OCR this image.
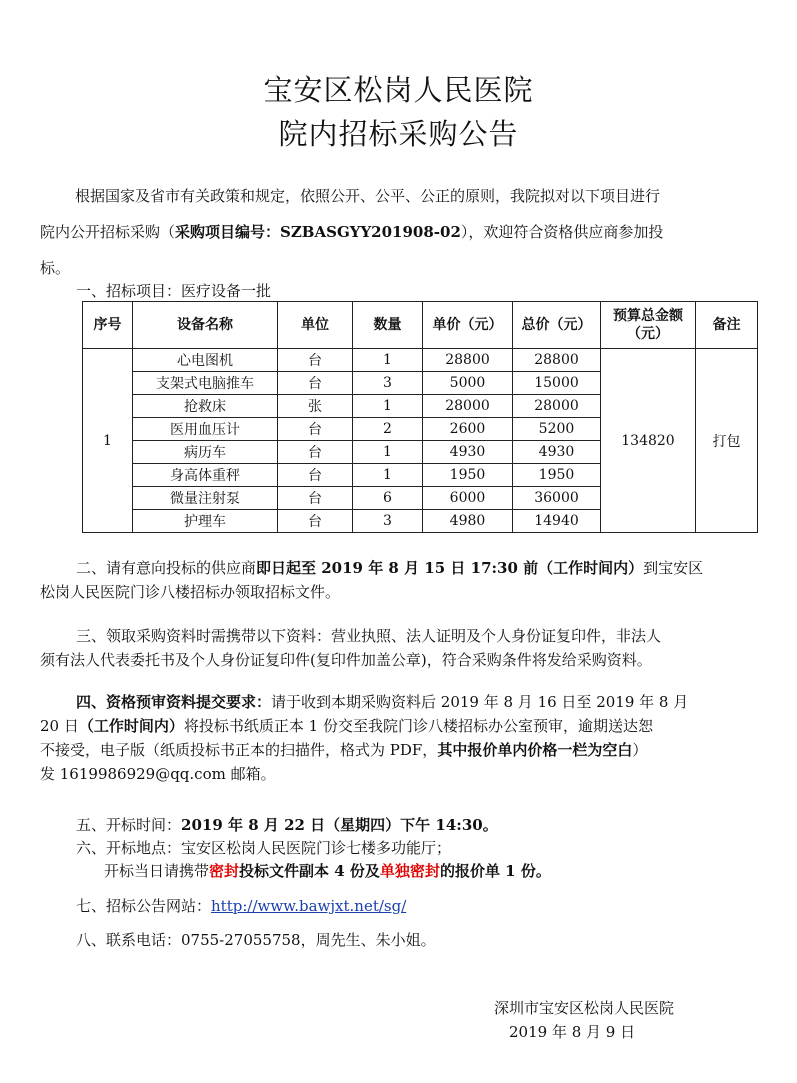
宝安区松岗人民医院
院内招标采购公告
根据国家及省市有关政策和规定，依照公开、公平、公正的原则，我院拟对以下项目进行
院内公开招标采购（采购项目编号：SZBASGYY201908-02），欢迎符合资格供应商参加投
标。
一、招标项目：医疗设备一批
序号	设备名称	单位	数量	单价（元）	总价（元）	预算总金额（元）	备注
1	心电图机	台	1	28800	28800	134820	打包
	支架式电脑推车	台	3	5000	15000		
	抢救床	张	1	28000	28000		
	医用血压计	台	2	2600	5200		
	病历车	台	1	4930	4930		
	身高体重秤	台	1	1950	1950		
	微量注射泵	台	6	6000	36000		
	护理车	台	3	4980	14940		
二、请有意向投标的供应商即日起至 2019 年 8 月 15 日 17:30 前（工作时间内）到宝安区
松岗人民医院门诊八楼招标办领取招标文件。
三、领取采购资料时需携带以下资料：营业执照、法人证明及个人身份证复印件，非法人
须有法人代表委托书及个人身份证复印件(复印件加盖公章)，符合采购条件将发给采购资料。
四、资格预审资料提交要求：请于收到本期采购资料后 2019 年 8 月 16 日至 2019 年 8 月
20 日（工作时间内）将投标书纸质正本 1 份交至我院门诊八楼招标办公室预审，逾期送达恕
不接受，电子版（纸质投标书正本的扫描件，格式为 PDF，其中报价单内价格一栏为空白）
发 1619986929@qq.com 邮箱。
五、开标时间：2019 年 8 月 22 日（星期四）下午 14:30。
六、开标地点：宝安区松岗人民医院门诊七楼多功能厅；
开标当日请携带密封投标文件副本 4 份及单独密封的报价单 1 份。
七、招标公告网站：http://www.bawjxt.net/sg/
八、联系电话：0755-27055758，周先生、朱小姐。
深圳市宝安区松岗人民医院
2019 年 8 月 9 日
